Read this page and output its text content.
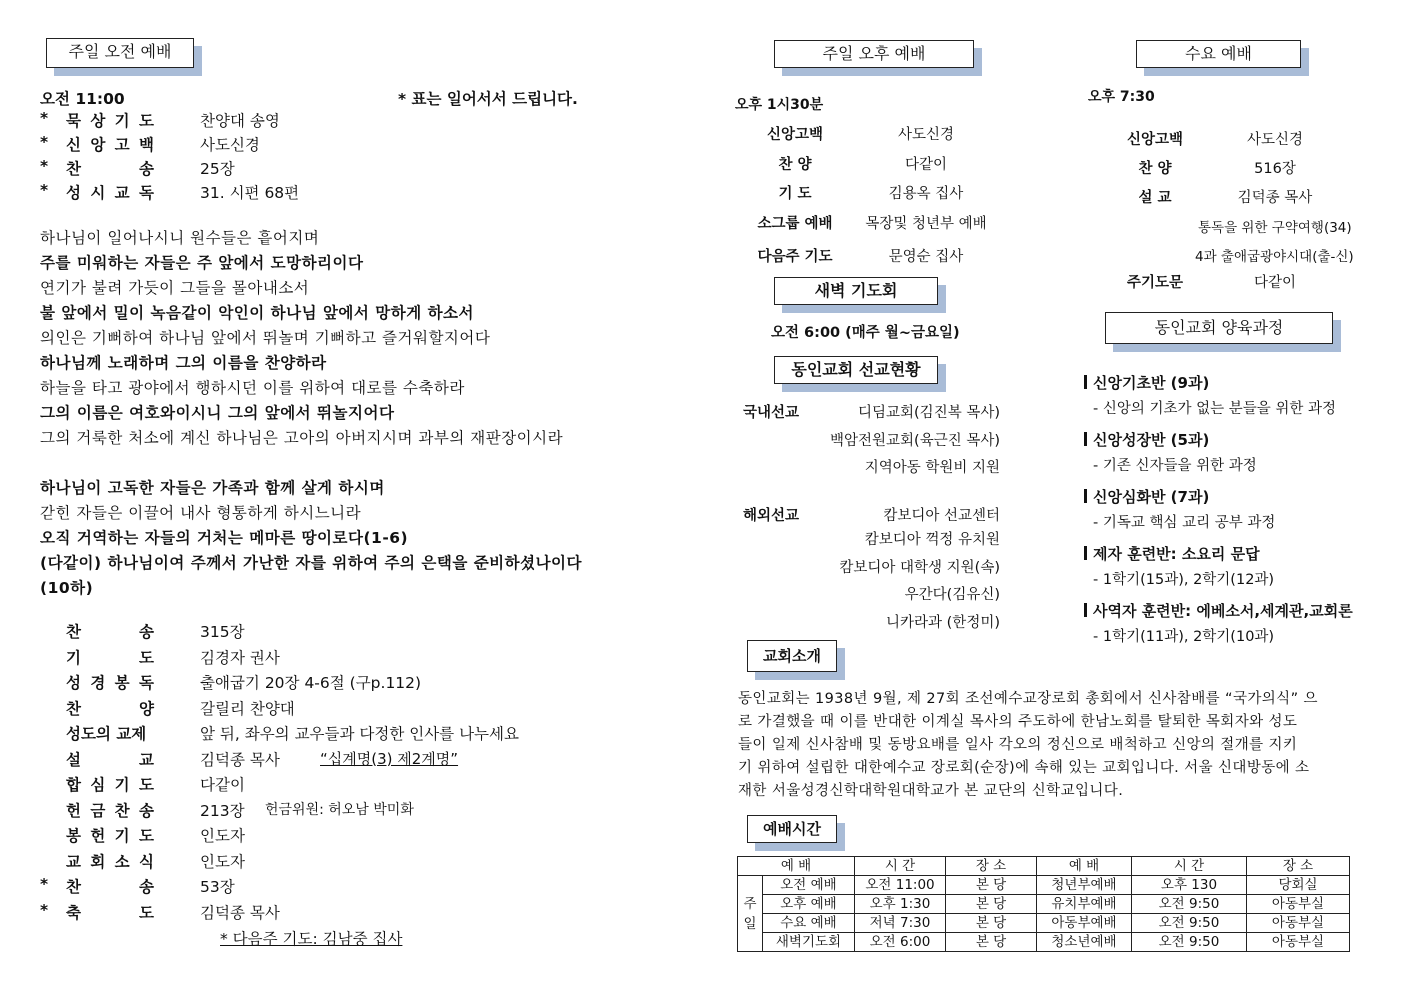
주일 오전 예배
오전 11:00	* 표는 일어서서 드립니다.
* 묵 상 기 도	찬양대 송영
* 신 앙 고 백	사도신경
* 찬	송	25장
* 성 시 교 독	31. 시편 68편
하나님이 일어나시니 원수들은 흩어지며
주를 미워하는 자들은 주 앞에서 도망하리이다
연기가 불려 가듯이 그들을 몰아내소서
불 앞에서 밀이 녹음같이 악인이 하나님 앞에서 망하게 하소서
의인은 기뻐하여 하나님 앞에서 뛰놀며 기뻐하고 즐거워할지어다
하나님께 노래하며 그의 이름을 찬양하라
하늘을 타고 광야에서 행하시던 이를 위하여 대로를 수축하라
그의 이름은 여호와이시니 그의 앞에서 뛰놀지어다
그의 거룩한 처소에 계신 하나님은 고아의 아버지시며 과부의 재판장이시라
하나님이 고독한 자들은 가족과 함께 살게 하시며
갇힌 자들은 이끌어 내사 형통하게 하시느니라
오직 거역하는 자들의 거처는 메마른 땅이로다(1-6)
(다같이) 하나님이여 주께서 가난한 자를 위하여 주의 은택을 준비하셨나이다 (10하)
찬	송	315장
기	도	김경자 권사
성 경 봉 독	출애굽기 20장 4-6절 (구p.112)
찬	양	갈릴리 찬양대
성도의 교제	앞 뒤, 좌우의 교우들과 다정한 인사를 나누세요
설	교	김덕종 목사	“십계명(3) 제2계명”
합 심 기 도	다같이
헌 금 찬 송	213장 헌금위원: 허오남 박미화
봉 헌 기 도	인도자
교 회 소 식	인도자
* 찬	송	53장
* 축	도	김덕종 목사
* 다음주 기도: 김남중 집사
주일 오후 예배
오후 1시30분
신앙고백	사도신경
찬 양	다같이
기 도	김용옥 집사
소그룹 예배	목장및 청년부 예배
다음주 기도	문영순 집사
새벽 기도회
오전 6:00 (매주 월~금요일)
동인교회 선교현황
국내선교	디딤교회(김진복 목사)
백암전원교회(육근진 목사)
지역아동 학원비 지원
해외선교	캄보디아 선교센터
캄보디아 꺽정 유치원
캄보디아 대학생 지원(속)
우간다(김유신)
니카라과 (한정미)
교회소개
동인교회는 1938년 9월, 제 27회 조선예수교장로회 총회에서 신사참배를 “국가의식” 으
로 가결했을 때 이를 반대한 이계실 목사의 주도하에 한남노회를 탈퇴한 목회자와 성도
들이 일제 신사참배 및 동방요배를 일사 각오의 정신으로 배척하고 신앙의 절개를 지키
기 위하여 설립한 대한예수교 장로회(순장)에 속해 있는 교회입니다. 서울 신대방동에 소
재한 서울성경신학대학원대학교가 본 교단의 신학교입니다.
예배시간
예 배		시 간	장 소	예 배	시 간	장 소
주
일	오전 예배	오전 11:00	본 당	청년부예배	오후 130	당회실
	오후 예배	오후 1:30	본 당	유치부예배	오전 9:50	아동부실
	수요 예배	저녁 7:30	본 당	아동부예배	오전 9:50	아동부실
	새벽기도회	오전 6:00	본 당	청소년예배	오전 9:50	아동부실
수요 예배
오후 7:30
신앙고백	사도신경
찬 양	516장
설 교	김덕종 목사
통독을 위한 구약여행(34)
4과 출애굽광야시대(출-신)
주기도문	다같이
동인교회 양육과정
신앙기초반 (9과)
- 신앙의 기초가 없는 분들을 위한 과정
신앙성장반 (5과)
- 기존 신자들을 위한 과정
신앙심화반 (7과)
- 기독교 핵심 교리 공부 과정
제자 훈련반: 소요리 문답
- 1학기(15과), 2학기(12과)
사역자 훈련반: 에베소서,세계관,교회론
- 1학기(11과), 2학기(10과)
